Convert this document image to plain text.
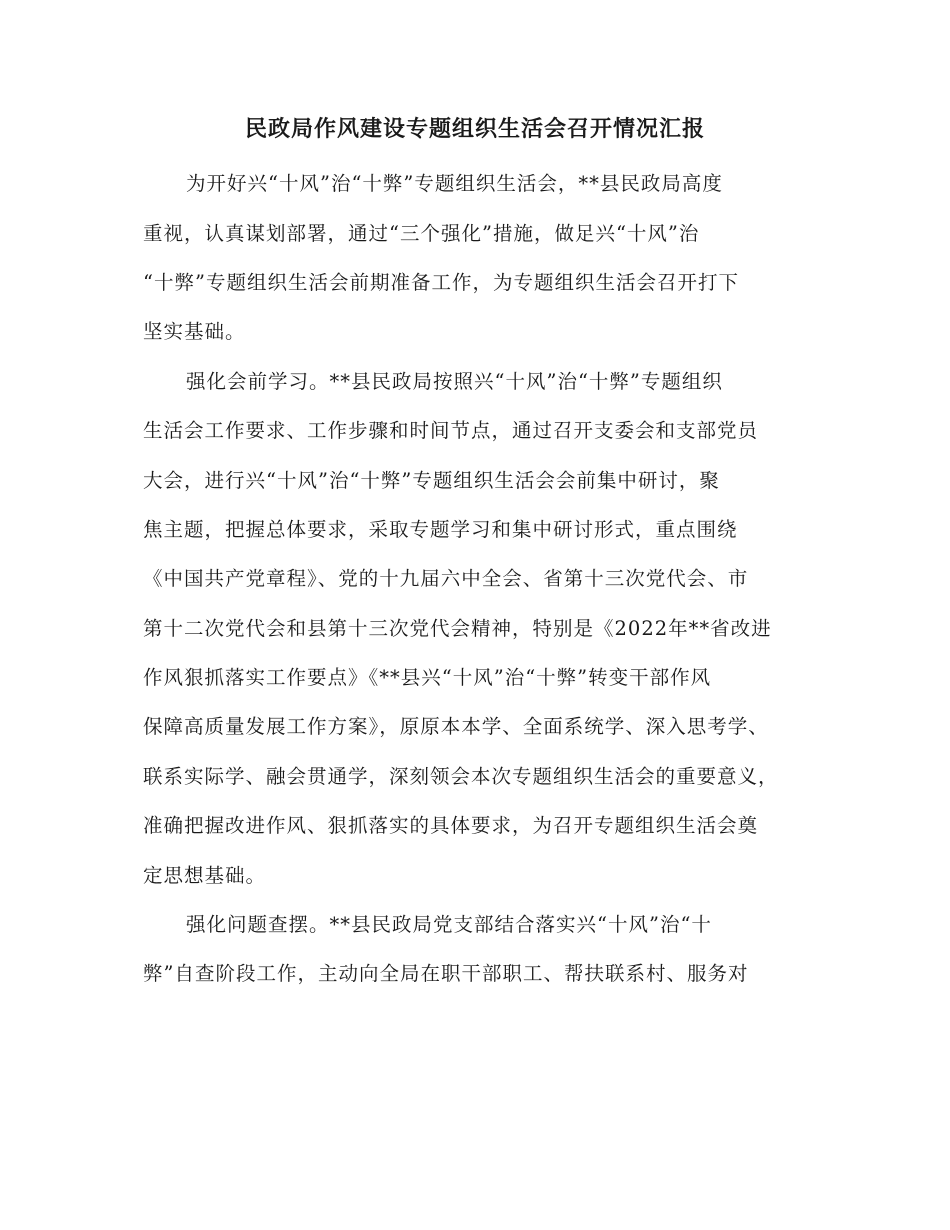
民政局作风建设专题组织生活会召开情况汇报
为开好兴“十风”治“十弊”专题组织生活会，**县民政局高度
重视，认真谋划部署，通过“三个强化”措施，做足兴“十风”治
“十弊”专题组织生活会前期准备工作，为专题组织生活会召开打下
坚实基础。
强化会前学习。**县民政局按照兴“十风”治“十弊”专题组织
生活会工作要求、工作步骤和时间节点，通过召开支委会和支部党员
大会，进行兴“十风”治“十弊”专题组织生活会会前集中研讨，聚
焦主题，把握总体要求，采取专题学习和集中研讨形式，重点围绕
《中国共产党章程》、党的十九届六中全会、省第十三次党代会、市
第十二次党代会和县第十三次党代会精神，特别是《2022年**省改进
作风狠抓落实工作要点》《**县兴“十风”治“十弊”转变干部作风
保障高质量发展工作方案》，原原本本学、全面系统学、深入思考学、
联系实际学、融会贯通学，深刻领会本次专题组织生活会的重要意义，
准确把握改进作风、狠抓落实的具体要求，为召开专题组织生活会奠
定思想基础。
强化问题查摆。**县民政局党支部结合落实兴“十风”治“十
弊”自查阶段工作，主动向全局在职干部职工、帮扶联系村、服务对
